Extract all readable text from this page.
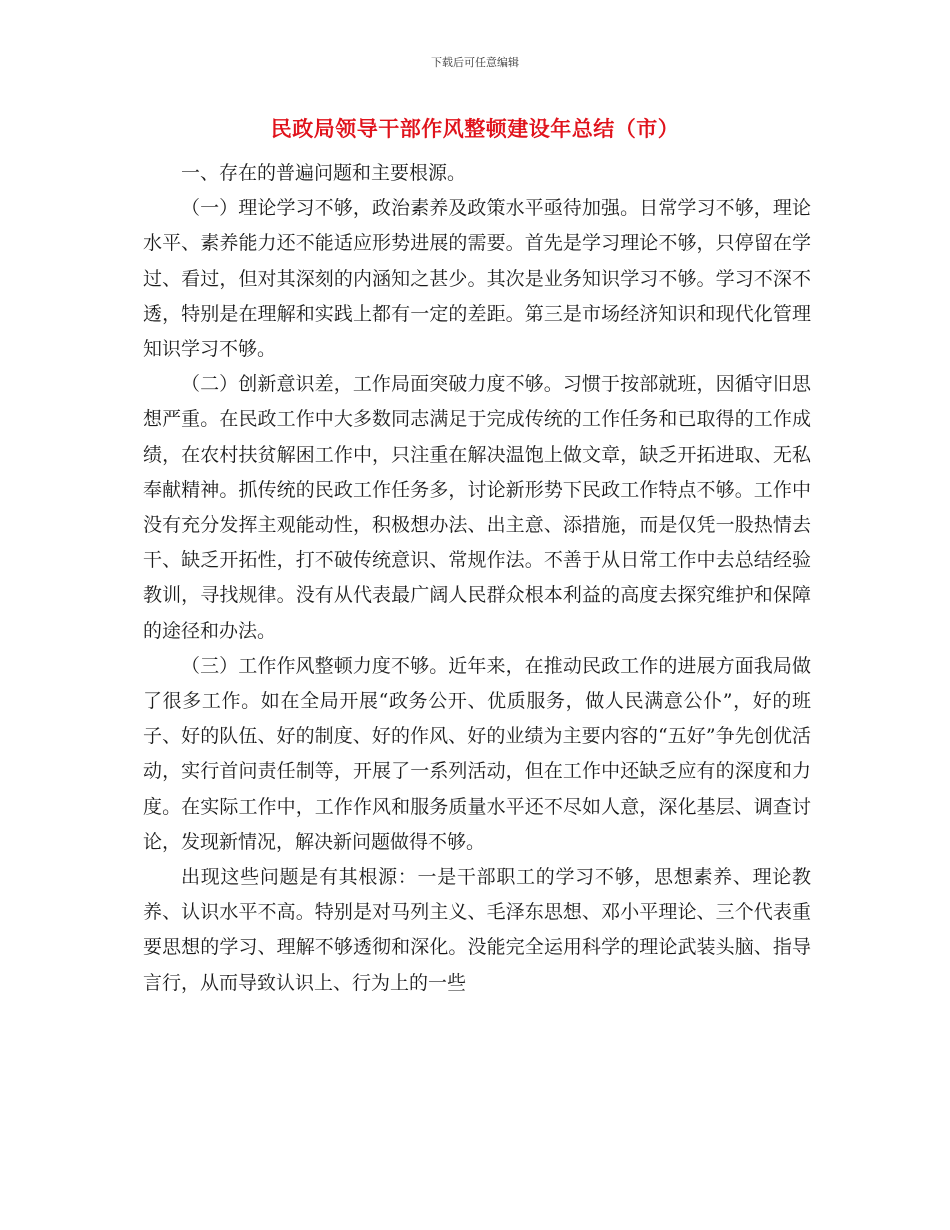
下载后可任意编辑
民政局领导干部作风整顿建设年总结（市）

一、存在的普遍问题和主要根源。

（一）理论学习不够，政治素养及政策水平亟待加强。日常学习不够，理论水平、素养能力还不能适应形势进展的需要。首先是学习理论不够，只停留在学过、看过，但对其深刻的内涵知之甚少。其次是业务知识学习不够。学习不深不透，特别是在理解和实践上都有一定的差距。第三是市场经济知识和现代化管理知识学习不够。

（二）创新意识差，工作局面突破力度不够。习惯于按部就班，因循守旧思想严重。在民政工作中大多数同志满足于完成传统的工作任务和已取得的工作成绩，在农村扶贫解困工作中，只注重在解决温饱上做文章，缺乏开拓进取、无私奉献精神。抓传统的民政工作任务多，讨论新形势下民政工作特点不够。工作中没有充分发挥主观能动性，积极想办法、出主意、添措施，而是仅凭一股热情去干、缺乏开拓性，打不破传统意识、常规作法。不善于从日常工作中去总结经验教训，寻找规律。没有从代表最广阔人民群众根本利益的高度去探究维护和保障的途径和办法。

（三）工作作风整顿力度不够。近年来，在推动民政工作的进展方面我局做了很多工作。如在全局开展“政务公开、优质服务，做人民满意公仆”，好的班子、好的队伍、好的制度、好的作风、好的业绩为主要内容的“五好”争先创优活动，实行首问责任制等，开展了一系列活动，但在工作中还缺乏应有的深度和力度。在实际工作中，工作作风和服务质量水平还不尽如人意，深化基层、调查讨论，发现新情况，解决新问题做得不够。

出现这些问题是有其根源：一是干部职工的学习不够，思想素养、理论教养、认识水平不高。特别是对马列主义、毛泽东思想、邓小平理论、三个代表重要思想的学习、理解不够透彻和深化。没能完全运用科学的理论武装头脑、指导言行，从而导致认识上、行为上的一些
